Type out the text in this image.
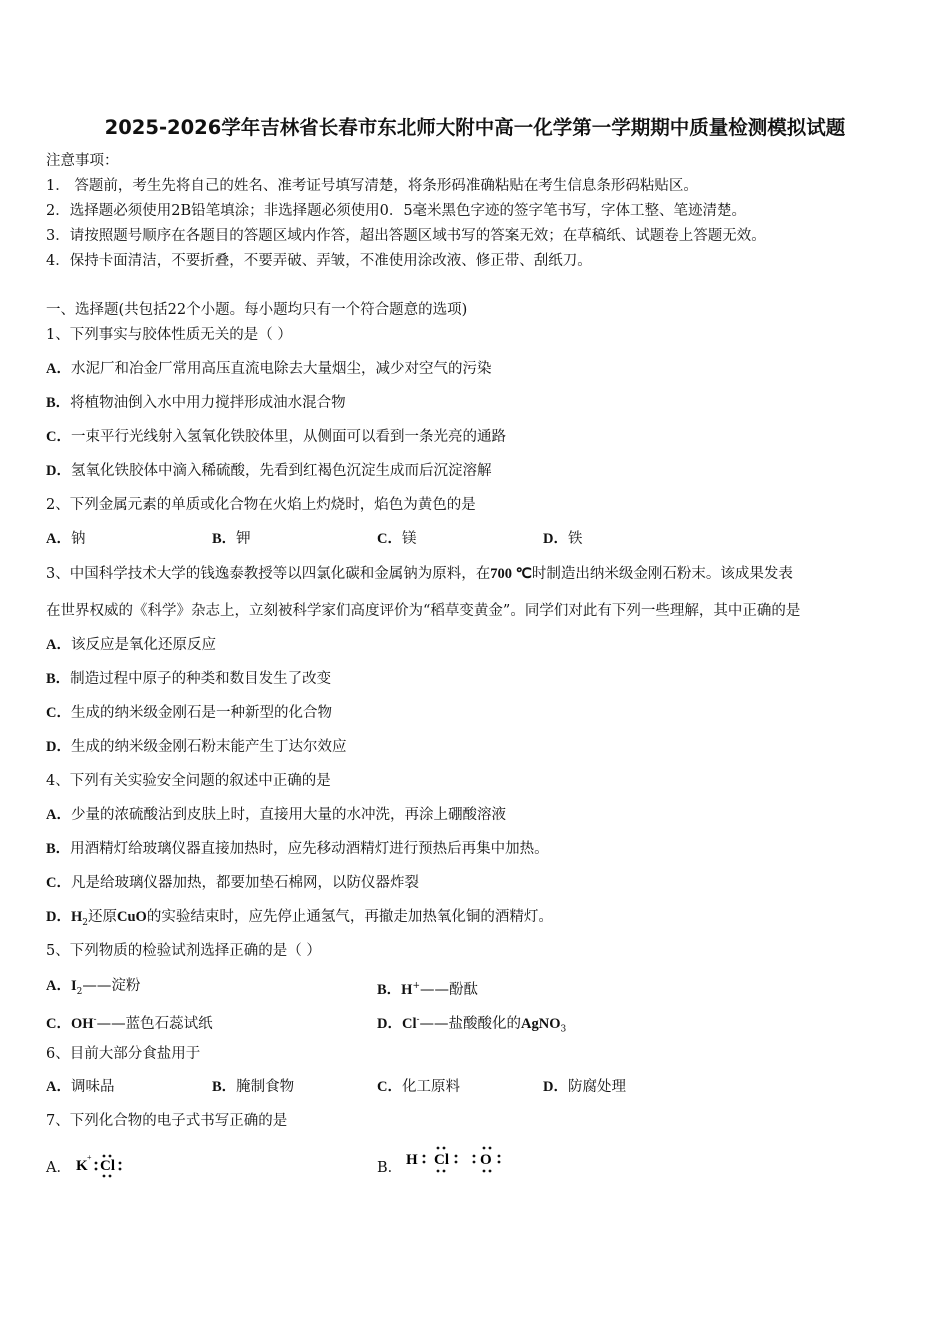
2025-2026学年吉林省长春市东北师大附中高一化学第一学期期中质量检测模拟试题
注意事项：
1． 答题前，考生先将自己的姓名、准考证号填写清楚，将条形码准确粘贴在考生信息条形码粘贴区。
2．选择题必须使用2B铅笔填涂；非选择题必须使用0．5毫米黑色字迹的签字笔书写，字体工整、笔迹清楚。
3．请按照题号顺序在各题目的答题区域内作答，超出答题区域书写的答案无效；在草稿纸、试题卷上答题无效。
4．保持卡面清洁，不要折叠，不要弄破、弄皱，不准使用涂改液、修正带、刮纸刀。
一、选择题(共包括22个小题。每小题均只有一个符合题意的选项)
1、下列事实与胶体性质无关的是（ ）
A．水泥厂和冶金厂常用高压直流电除去大量烟尘，减少对空气的污染
B．将植物油倒入水中用力搅拌形成油水混合物
C．一束平行光线射入氢氧化铁胶体里，从侧面可以看到一条光亮的通路
D．氢氧化铁胶体中滴入稀硫酸，先看到红褐色沉淀生成而后沉淀溶解
2、下列金属元素的单质或化合物在火焰上灼烧时，焰色为黄色的是
A．钠	B．钾	C．镁	D．铁
3、中国科学技术大学的钱逸泰教授等以四氯化碳和金属钠为原料，在700 ℃时制造出纳米级金刚石粉末。该成果发表
在世界权威的《科学》杂志上，立刻被科学家们高度评价为“稻草变黄金”。同学们对此有下列一些理解，其中正确的是
A．该反应是氧化还原反应
B．制造过程中原子的种类和数目发生了改变
C．生成的纳米级金刚石是一种新型的化合物
D．生成的纳米级金刚石粉末能产生丁达尔效应
4、下列有关实验安全问题的叙述中正确的是
A．少量的浓硫酸沾到皮肤上时，直接用大量的水冲洗，再涂上硼酸溶液
B．用酒精灯给玻璃仪器直接加热时，应先移动酒精灯进行预热后再集中加热。
C．凡是给玻璃仪器加热，都要加垫石棉网，以防仪器炸裂
D．$H_2$还原CuO的实验结束时，应先停止通氢气，再撤走加热氧化铜的酒精灯。
5、下列物质的检验试剂选择正确的是（ ）
A．$I_2——$淀粉	B．H+——酚酞
C．OH-——蓝色石蕊试纸	D．Cl-——盐酸酸化的AgNO$_3$
6、目前大部分食盐用于
A．调味品	B．腌制食物	C．化工原料	D．防腐处理
7、下列化合物的电子式书写正确的是
A． K
+
Cl	B． H Cl O
